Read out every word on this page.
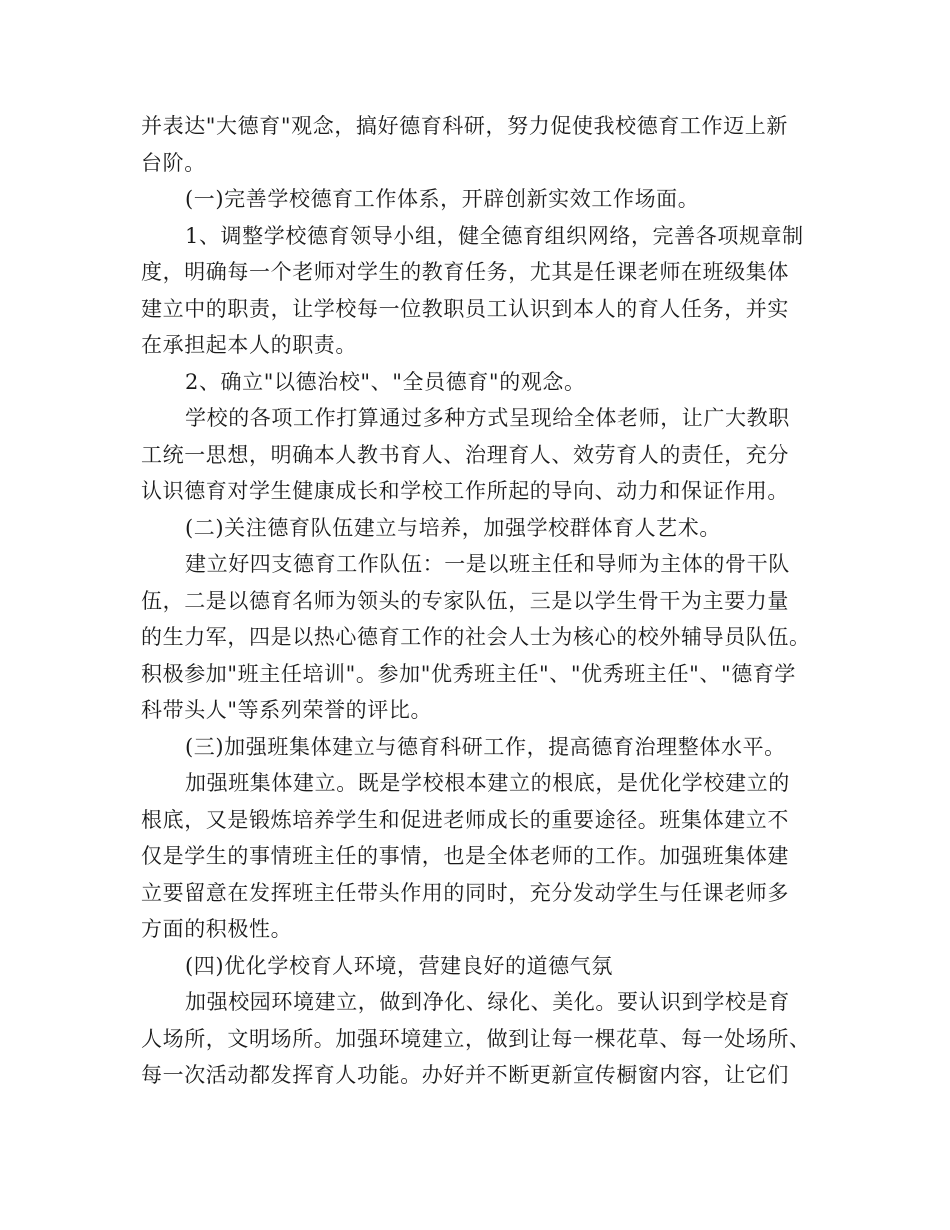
并表达"大德育"观念，搞好德育科研，努力促使我校德育工作迈上新
台阶。
(一)完善学校德育工作体系，开辟创新实效工作场面。
1、调整学校德育领导小组，健全德育组织网络，完善各项规章制
度，明确每一个老师对学生的教育任务，尤其是任课老师在班级集体
建立中的职责，让学校每一位教职员工认识到本人的育人任务，并实
在承担起本人的职责。
2、确立"以德治校"、"全员德育"的观念。
学校的各项工作打算通过多种方式呈现给全体老师，让广大教职
工统一思想，明确本人教书育人、治理育人、效劳育人的责任，充分
认识德育对学生健康成长和学校工作所起的导向、动力和保证作用。
(二)关注德育队伍建立与培养，加强学校群体育人艺术。
建立好四支德育工作队伍：一是以班主任和导师为主体的骨干队
伍，二是以德育名师为领头的专家队伍，三是以学生骨干为主要力量
的生力军，四是以热心德育工作的社会人士为核心的校外辅导员队伍。
积极参加"班主任培训"。参加"优秀班主任"、"优秀班主任"、"德育学
科带头人"等系列荣誉的评比。
(三)加强班集体建立与德育科研工作，提高德育治理整体水平。
加强班集体建立。既是学校根本建立的根底，是优化学校建立的
根底，又是锻炼培养学生和促进老师成长的重要途径。班集体建立不
仅是学生的事情班主任的事情，也是全体老师的工作。加强班集体建
立要留意在发挥班主任带头作用的同时，充分发动学生与任课老师多
方面的积极性。
(四)优化学校育人环境，营建良好的道德气氛
加强校园环境建立，做到净化、绿化、美化。要认识到学校是育
人场所，文明场所。加强环境建立，做到让每一棵花草、每一处场所、
每一次活动都发挥育人功能。办好并不断更新宣传橱窗内容，让它们
